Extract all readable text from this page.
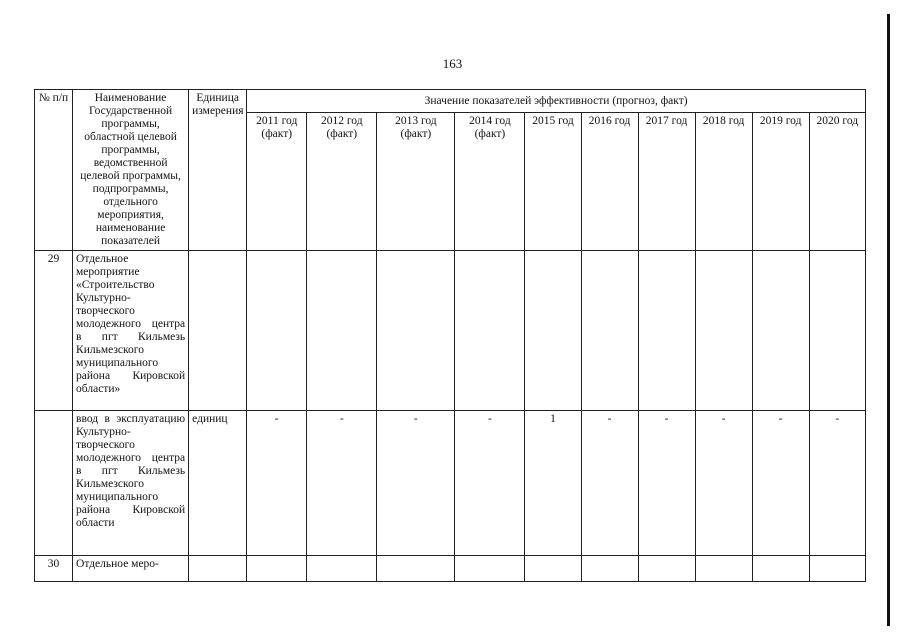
163
№ п/п	Наименование Государственной программы, областной целевой программы, ведомственной целевой программы, подпрограммы, отдельного мероприятия, наименование показателей	Единица измерения	Значение показателей эффективности (прогноз, факт)									
			2011 год (факт)	2012 год (факт)	2013 год (факт)	2014 год (факт)	2015 год	2016 год	2017 год	2018 год	2019 год	2020 год
29	Отдельное мероприятие «Строительство Культурно-творческого молодежного центра в пгт Кильмезь Кильмезского муниципального района Кировской области»											
	ввод в эксплуатацию Культурно-творческого молодежного центра в пгт Кильмезь Кильмезского муниципального района Кировской области	единиц	-	-	-	-	1	-	-	-	-	-
30	Отдельное меро-											
